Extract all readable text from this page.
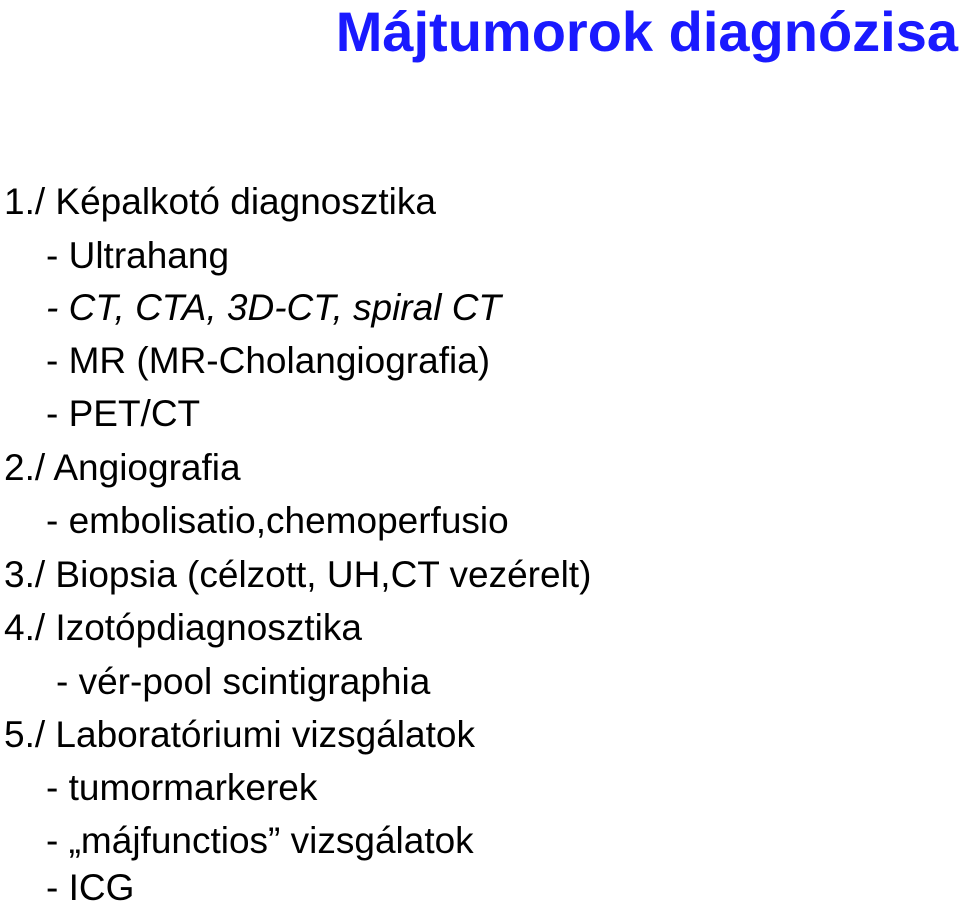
Májtumorok diagnózisa
1./ Képalkotó diagnosztika
- Ultrahang
- CT, CTA, 3D-CT, spiral CT
- MR (MR-Cholangiografia)
- PET/CT
2./ Angiografia
- embolisatio,chemoperfusio
3./ Biopsia (célzott, UH,CT vezérelt)
4./ Izotópdiagnosztika
- vér-pool scintigraphia
5./ Laboratóriumi vizsgálatok
- tumormarkerek
- „májfunctios” vizsgálatok
- ICG
